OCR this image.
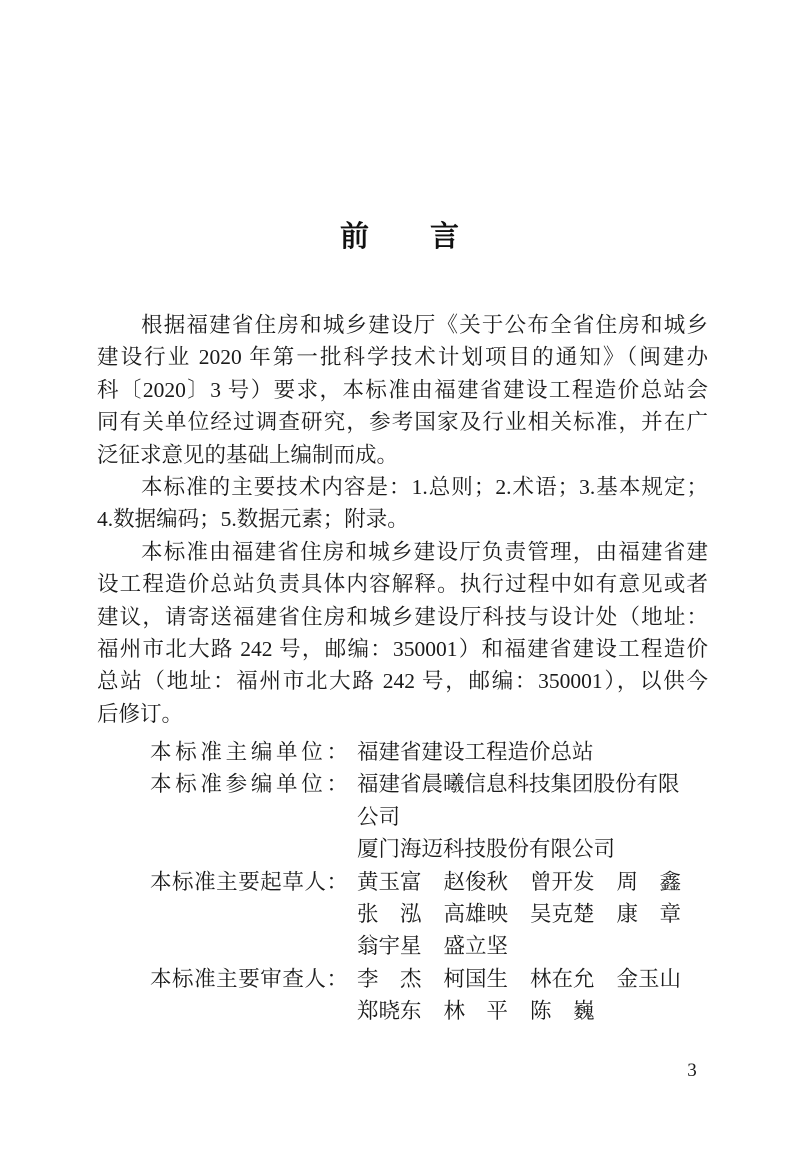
前　　言
根据福建省住房和城乡建设厅《关于公布全省住房和城乡
建设行业 2020 年第一批科学技术计划项目的通知》（闽建办
科〔2020〕3 号）要求，本标准由福建省建设工程造价总站会
同有关单位经过调查研究，参考国家及行业相关标准，并在广
泛征求意见的基础上编制而成。
本标准的主要技术内容是：1.总则；2.术语；3.基本规定；
4.数据编码；5.数据元素；附录。
本标准由福建省住房和城乡建设厅负责管理，由福建省建
设工程造价总站负责具体内容解释。执行过程中如有意见或者
建议，请寄送福建省住房和城乡建设厅科技与设计处（地址：
福州市北大路 242 号，邮编：350001）和福建省建设工程造价
总站（地址：福州市北大路 242 号，邮编：350001），以供今
后修订。
本标准主编单位： 福建省建设工程造价总站
本标准参编单位： 福建省晨曦信息科技集团股份有限
公司
厦门海迈科技股份有限公司
本标准主要起草人： 黄玉富 赵俊秋 曾开发 周　鑫
张　泓 高雄映 吴克楚 康　章
翁宇星 盛立坚
本标准主要审查人： 李　杰 柯国生 林在允 金玉山
郑晓东 林　平 陈　巍
3
